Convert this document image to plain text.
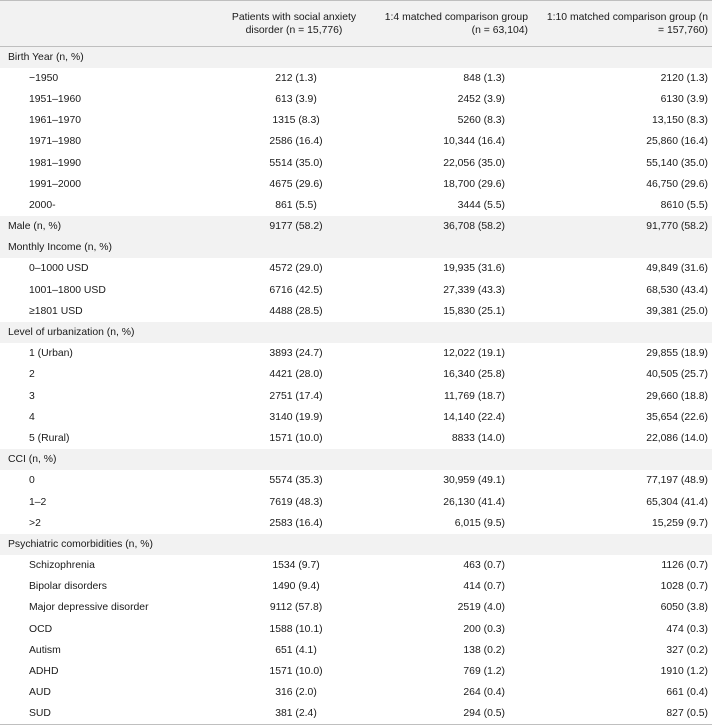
	Patients with social anxiety disorder (n = 15,776)	1:4 matched comparison group (n = 63,104)	1:10 matched comparison group (n = 157,760)
Birth Year (n, %)			
−1950	212 (1.3)	848 (1.3)	2120 (1.3)
1951–1960	613 (3.9)	2452 (3.9)	6130 (3.9)
1961–1970	1315 (8.3)	5260 (8.3)	13,150 (8.3)
1971–1980	2586 (16.4)	10,344 (16.4)	25,860 (16.4)
1981–1990	5514 (35.0)	22,056 (35.0)	55,140 (35.0)
1991–2000	4675 (29.6)	18,700 (29.6)	46,750 (29.6)
2000-	861 (5.5)	3444 (5.5)	8610 (5.5)
Male (n, %)	9177 (58.2)	36,708 (58.2)	91,770 (58.2)
Monthly Income (n, %)			
0–1000 USD	4572 (29.0)	19,935 (31.6)	49,849 (31.6)
1001–1800 USD	6716 (42.5)	27,339 (43.3)	68,530 (43.4)
≥1801 USD	4488 (28.5)	15,830 (25.1)	39,381 (25.0)
Level of urbanization (n, %)			
1 (Urban)	3893 (24.7)	12,022 (19.1)	29,855 (18.9)
2	4421 (28.0)	16,340 (25.8)	40,505 (25.7)
3	2751 (17.4)	11,769 (18.7)	29,660 (18.8)
4	3140 (19.9)	14,140 (22.4)	35,654 (22.6)
5 (Rural)	1571 (10.0)	8833 (14.0)	22,086 (14.0)
CCI (n, %)			
0	5574 (35.3)	30,959 (49.1)	77,197 (48.9)
1–2	7619 (48.3)	26,130 (41.4)	65,304 (41.4)
>2	2583 (16.4)	6,015 (9.5)	15,259 (9.7)
Psychiatric comorbidities (n, %)			
Schizophrenia	1534 (9.7)	463 (0.7)	1126 (0.7)
Bipolar disorders	1490 (9.4)	414 (0.7)	1028 (0.7)
Major depressive disorder	9112 (57.8)	2519 (4.0)	6050 (3.8)
OCD	1588 (10.1)	200 (0.3)	474 (0.3)
Autism	651 (4.1)	138 (0.2)	327 (0.2)
ADHD	1571 (10.0)	769 (1.2)	1910 (1.2)
AUD	316 (2.0)	264 (0.4)	661 (0.4)
SUD	381 (2.4)	294 (0.5)	827 (0.5)
